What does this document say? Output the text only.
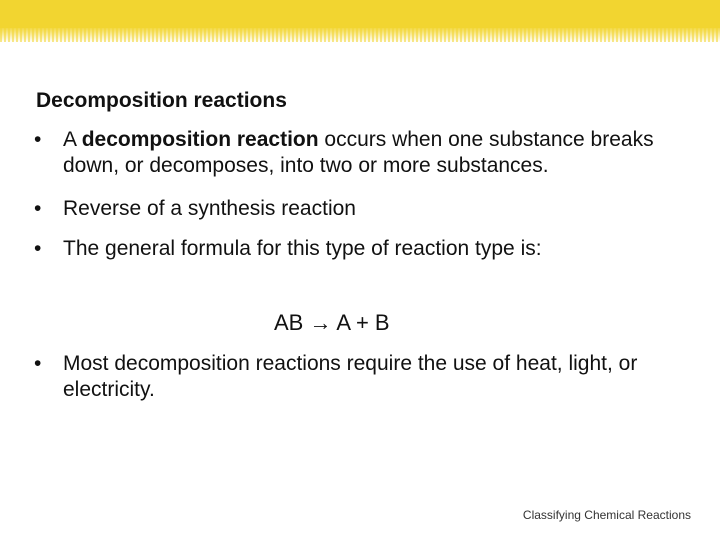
Decomposition reactions
• A decomposition reaction occurs when one substance breaks down, or decomposes, into two or more substances.
• Reverse of a synthesis reaction
• The general formula for this type of reaction type is:
AB → A + B
• Most decomposition reactions require the use of heat, light, or electricity.
Classifying Chemical Reactions
